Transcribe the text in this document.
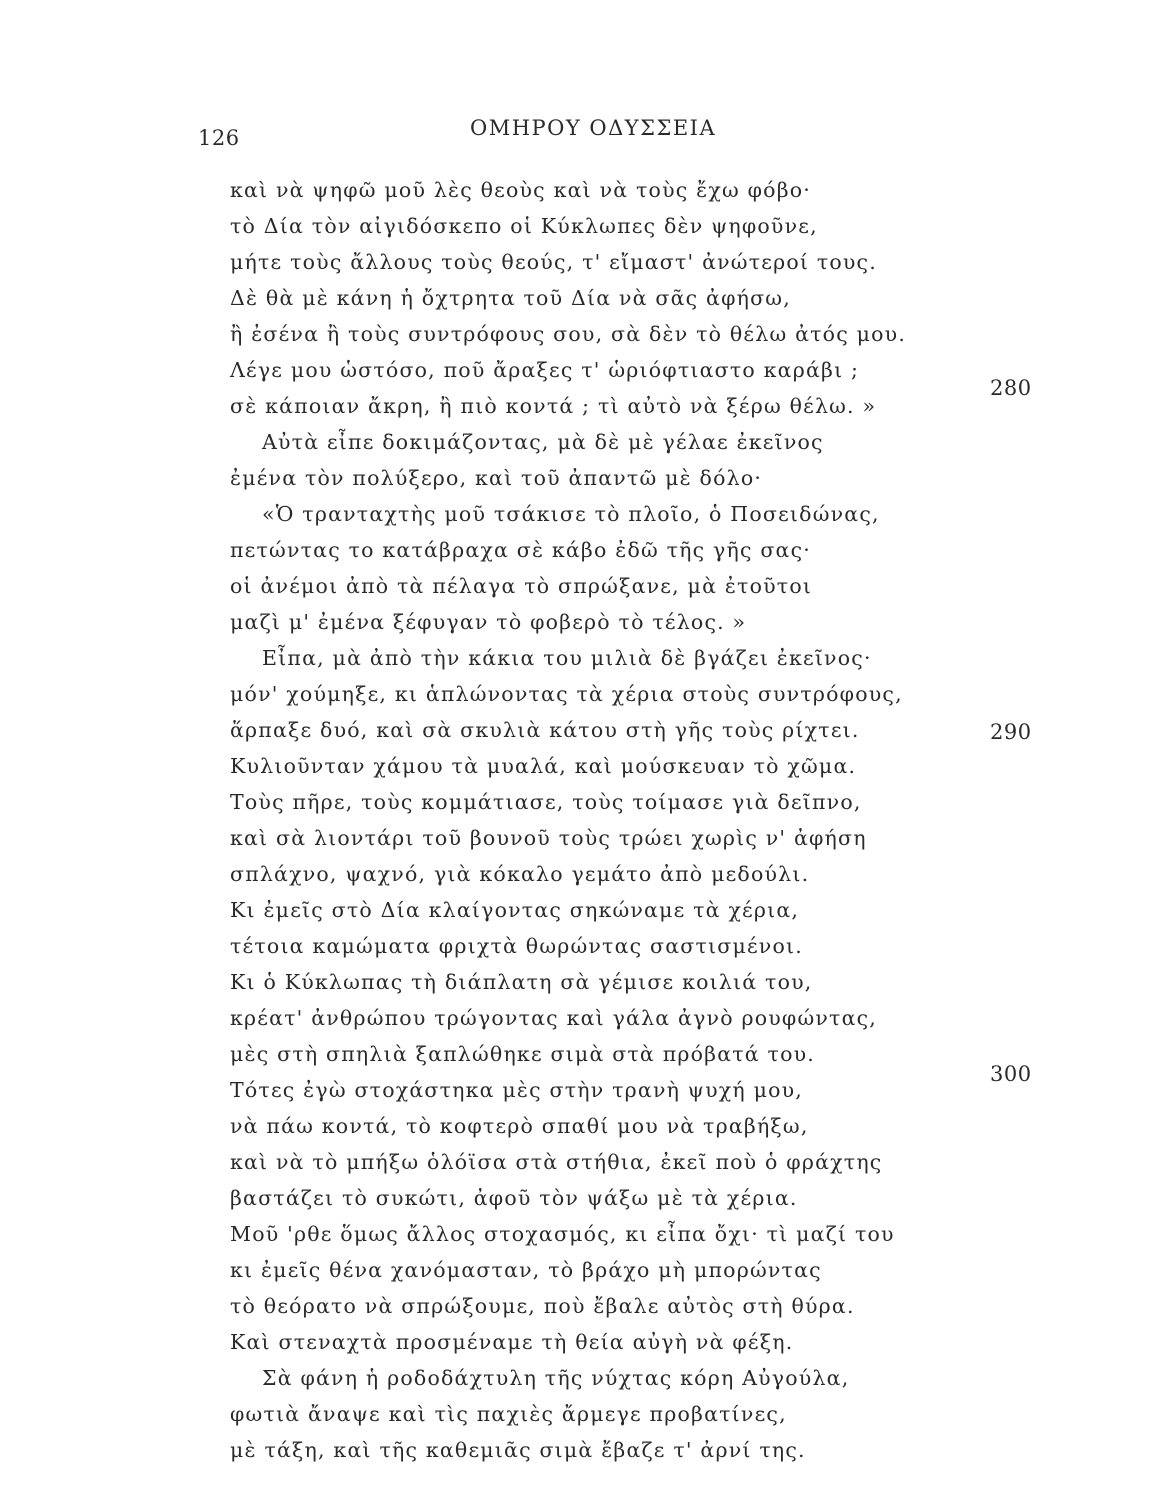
126	ΟΜΗΡΟΥ ΟΔΥΣΣΕΙΑ
καὶ νὰ ψηφῶ μοῦ λὲς θεοὺς καὶ νὰ τοὺς ἔχω φόβο·
τὸ Δία τὸν αἰγιδόσκεπο οἱ Κύκλωπες δὲν ψηφοῦνε,
μήτε τοὺς ἄλλους τοὺς θεούς, τ' εἴμαστ' ἀνώτεροί τους.
Δὲ θὰ μὲ κάνη ἡ ὄχτρητα τοῦ Δία νὰ σᾶς ἀφήσω,
ἢ ἐσένα ἢ τοὺς συντρόφους σου, σὰ δὲν τὸ θέλω ἀτός μου.
Λέγε μου ὡστόσο, ποῦ ἄραξες τ' ὡριόφτιαστο καράβι ;
σὲ κάποιαν ἄκρη, ἢ πιὸ κοντά ; τὶ αὐτὸ νὰ ξέρω θέλω. »
280
Αὐτὰ εἶπε δοκιμάζοντας, μὰ δὲ μὲ γέλαε ἐκεῖνος
ἐμένα τὸν πολύξερο, καὶ τοῦ ἀπαντῶ μὲ δόλο·
«Ὁ τρανταχτὴς μοῦ τσάκισε τὸ πλοῖο, ὁ Ποσειδώνας,
πετώντας το κατάβραχα σὲ κάβο ἐδῶ τῆς γῆς σας·
οἱ ἀνέμοι ἀπὸ τὰ πέλαγα τὸ σπρώξανε, μὰ ἐτοῦτοι
μαζὶ μ' ἐμένα ξέφυγαν τὸ φοβερὸ τὸ τέλος. »
Εἶπα, μὰ ἀπὸ τὴν κάκια του μιλιὰ δὲ βγάζει ἐκεῖνος·
μόν' χούμηξε, κι ἁπλώνοντας τὰ χέρια στοὺς συντρόφους,
ἅρπαξε δυό, καὶ σὰ σκυλιὰ κάτου στὴ γῆς τοὺς ρίχτει.
Κυλιοῦνταν χάμου τὰ μυαλά, καὶ μούσκευαν τὸ χῶμα.
290
Τοὺς πῆρε, τοὺς κομμάτιασε, τοὺς τοίμασε γιὰ δεῖπνο,
καὶ σὰ λιοντάρι τοῦ βουνοῦ τοὺς τρώει χωρὶς ν' ἀφήση
σπλάχνο, ψαχνό, γιὰ κόκαλο γεμάτο ἀπὸ μεδούλι.
Κι ἐμεῖς στὸ Δία κλαίγοντας σηκώναμε τὰ χέρια,
τέτοια καμώματα φριχτὰ θωρώντας σαστισμένοι.
Κι ὁ Κύκλωπας τὴ διάπλατη σὰ γέμισε κοιλιά του,
κρέατ' ἀνθρώπου τρώγοντας καὶ γάλα ἀγνὸ ρουφώντας,
μὲς στὴ σπηλιὰ ξαπλώθηκε σιμὰ στὰ πρόβατά του.
Τότες ἐγὼ στοχάστηκα μὲς στὴν τρανὴ ψυχή μου,
300
νὰ πάω κοντά, τὸ κοφτερὸ σπαθί μου νὰ τραβήξω,
καὶ νὰ τὸ μπήξω ὁλόϊσα στὰ στήθια, ἐκεῖ ποὺ ὁ φράχτης
βαστάζει τὸ συκώτι, ἀφοῦ τὸν ψάξω μὲ τὰ χέρια.
Μοῦ 'ρθε ὅμως ἄλλος στοχασμός, κι εἶπα ὄχι· τὶ μαζί του
κι ἐμεῖς θένα χανόμασταν, τὸ βράχο μὴ μπορώντας
τὸ θεόρατο νὰ σπρώξουμε, ποὺ ἔβαλε αὐτὸς στὴ θύρα.
Καὶ στεναχτὰ προσμέναμε τὴ θεία αὐγὴ νὰ φέξη.
Σὰ φάνη ἡ ροδοδάχτυλη τῆς νύχτας κόρη Αὐγούλα,
φωτιὰ ἄναψε καὶ τὶς παχιὲς ἄρμεγε προβατίνες,
μὲ τάξη, καὶ τῆς καθεμιᾶς σιμὰ ἔβαζε τ' ἀρνί της.
